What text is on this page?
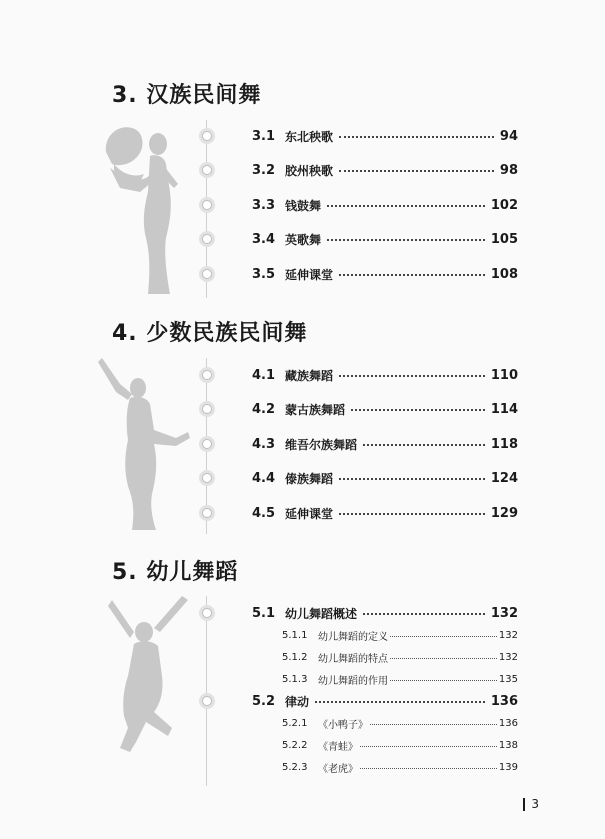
3. 汉族民间舞
3.1 东北秧歌	94
3.2 胶州秧歌	98
3.3 钱鼓舞	102
3.4 英歌舞	105
3.5 延伸课堂	108
4. 少数民族民间舞
4.1 藏族舞蹈	110
4.2 蒙古族舞蹈	114
4.3 维吾尔族舞蹈	118
4.4 傣族舞蹈	124
4.5 延伸课堂	129
5. 幼儿舞蹈
5.1 幼儿舞蹈概述	132
5.1.1	幼儿舞蹈的定义	132
5.1.2	幼儿舞蹈的特点	132
5.1.3	幼儿舞蹈的作用	135
5.2 律动	136
5.2.1	《小鸭子》	136
5.2.2	《青蛙》	138
5.2.3	《老虎》	139
3
